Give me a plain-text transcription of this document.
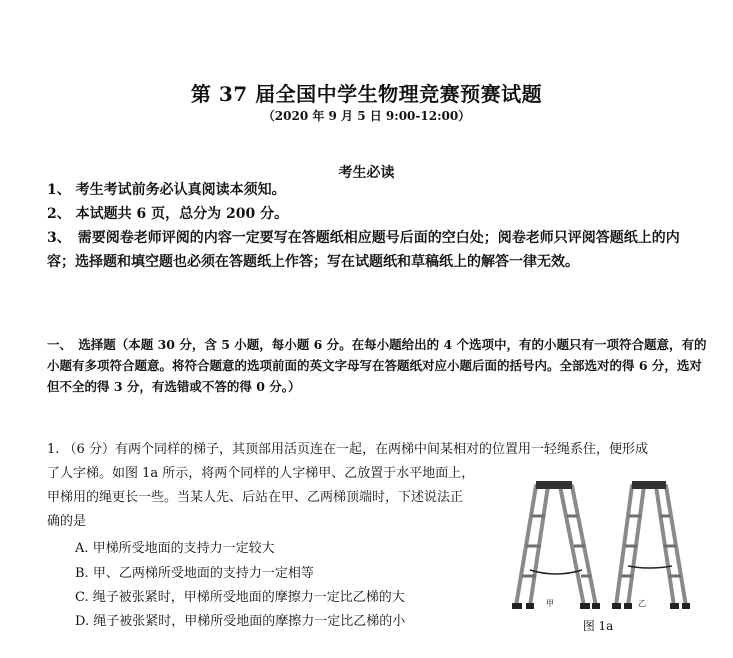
第 37 届全国中学生物理竞赛预赛试题
（2020 年 9 月 5 日 9:00-12:00）
考生必读
1、 考生考试前务必认真阅读本须知。
2、 本试题共 6 页，总分为 200 分。
3、　需要阅卷老师评阅的内容一定要写在答题纸相应题号后面的空白处；阅卷老师只评阅答题纸上的内容；选择题和填空题也必须在答题纸上作答；写在试题纸和草稿纸上的解答一律无效。
一、　选择题（本题 30 分，含 5 小题，每小题 6 分。在每小题给出的 4 个选项中，有的小题只有一项符合题意，有的小题有多项符合题意。将符合题意的选项前面的英文字母写在答题纸对应小题后面的括号内。全部选对的得 6 分，选对但不全的得 3 分，有选错或不答的得 0 分。）
1. （6 分）有两个同样的梯子，其顶部用活页连在一起，在两梯中间某相对的位置用一轻绳系住，便形成
了人字梯。如图 1a 所示，将两个同样的人字梯甲、乙放置于水平地面上，
甲梯用的绳更长一些。当某人先、后站在甲、乙两梯顶端时，下述说法正
确的是
A. 甲梯所受地面的支持力一定较大
B. 甲、乙两梯所受地面的支持力一定相等
C. 绳子被张紧时，甲梯所受地面的摩擦力一定比乙梯的大
D. 绳子被张紧时，甲梯所受地面的摩擦力一定比乙梯的小
甲	乙
图 1a
